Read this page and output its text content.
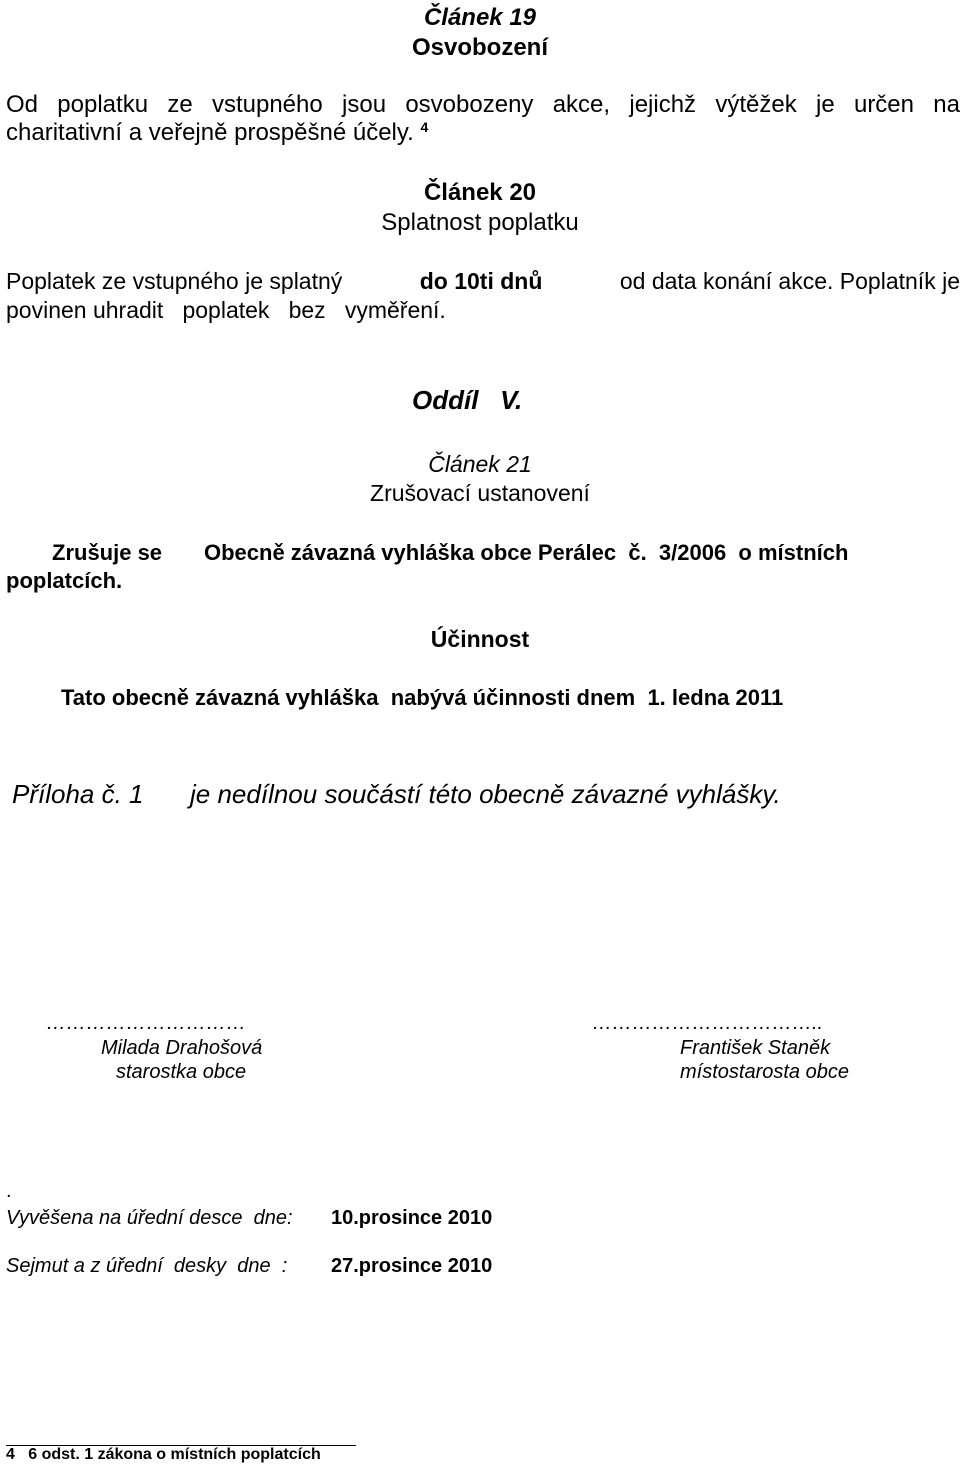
Článek 19
Osvobození
Od poplatku ze vstupného jsou osvobozeny akce, jejichž výtěžek je určen na
charitativní a veřejně prospěšné účely. $^4$
Článek 20
Splatnost poplatku
Poplatek ze vstupného je splatný	do 10ti dnů	od data konání akce. Poplatník je
povinen uhradit   poplatek   bez   vyměření.
Oddíl   V.
Článek 21
Zrušovací ustanovení
Zrušuje se Obecně závazná vyhláška obce Perálec  č.  3/2006  o místních
poplatcích.
Účinnost
Tato obecně závazná vyhláška  nabývá účinnosti dnem  1. ledna 2011
Příloha č. 1 je nedílnou součástí této obecně závazné vyhlášky.
…………………………
Milada Drahošová
starostka obce
……………………………..
František Staněk
místostarosta obce
.
Vyvěšena na úřední desce  dne: 10.prosince 2010
Sejmut a z úřední  desky  dne  : 27.prosince 2010
4   6 odst. 1 zákona o místních poplatcích
